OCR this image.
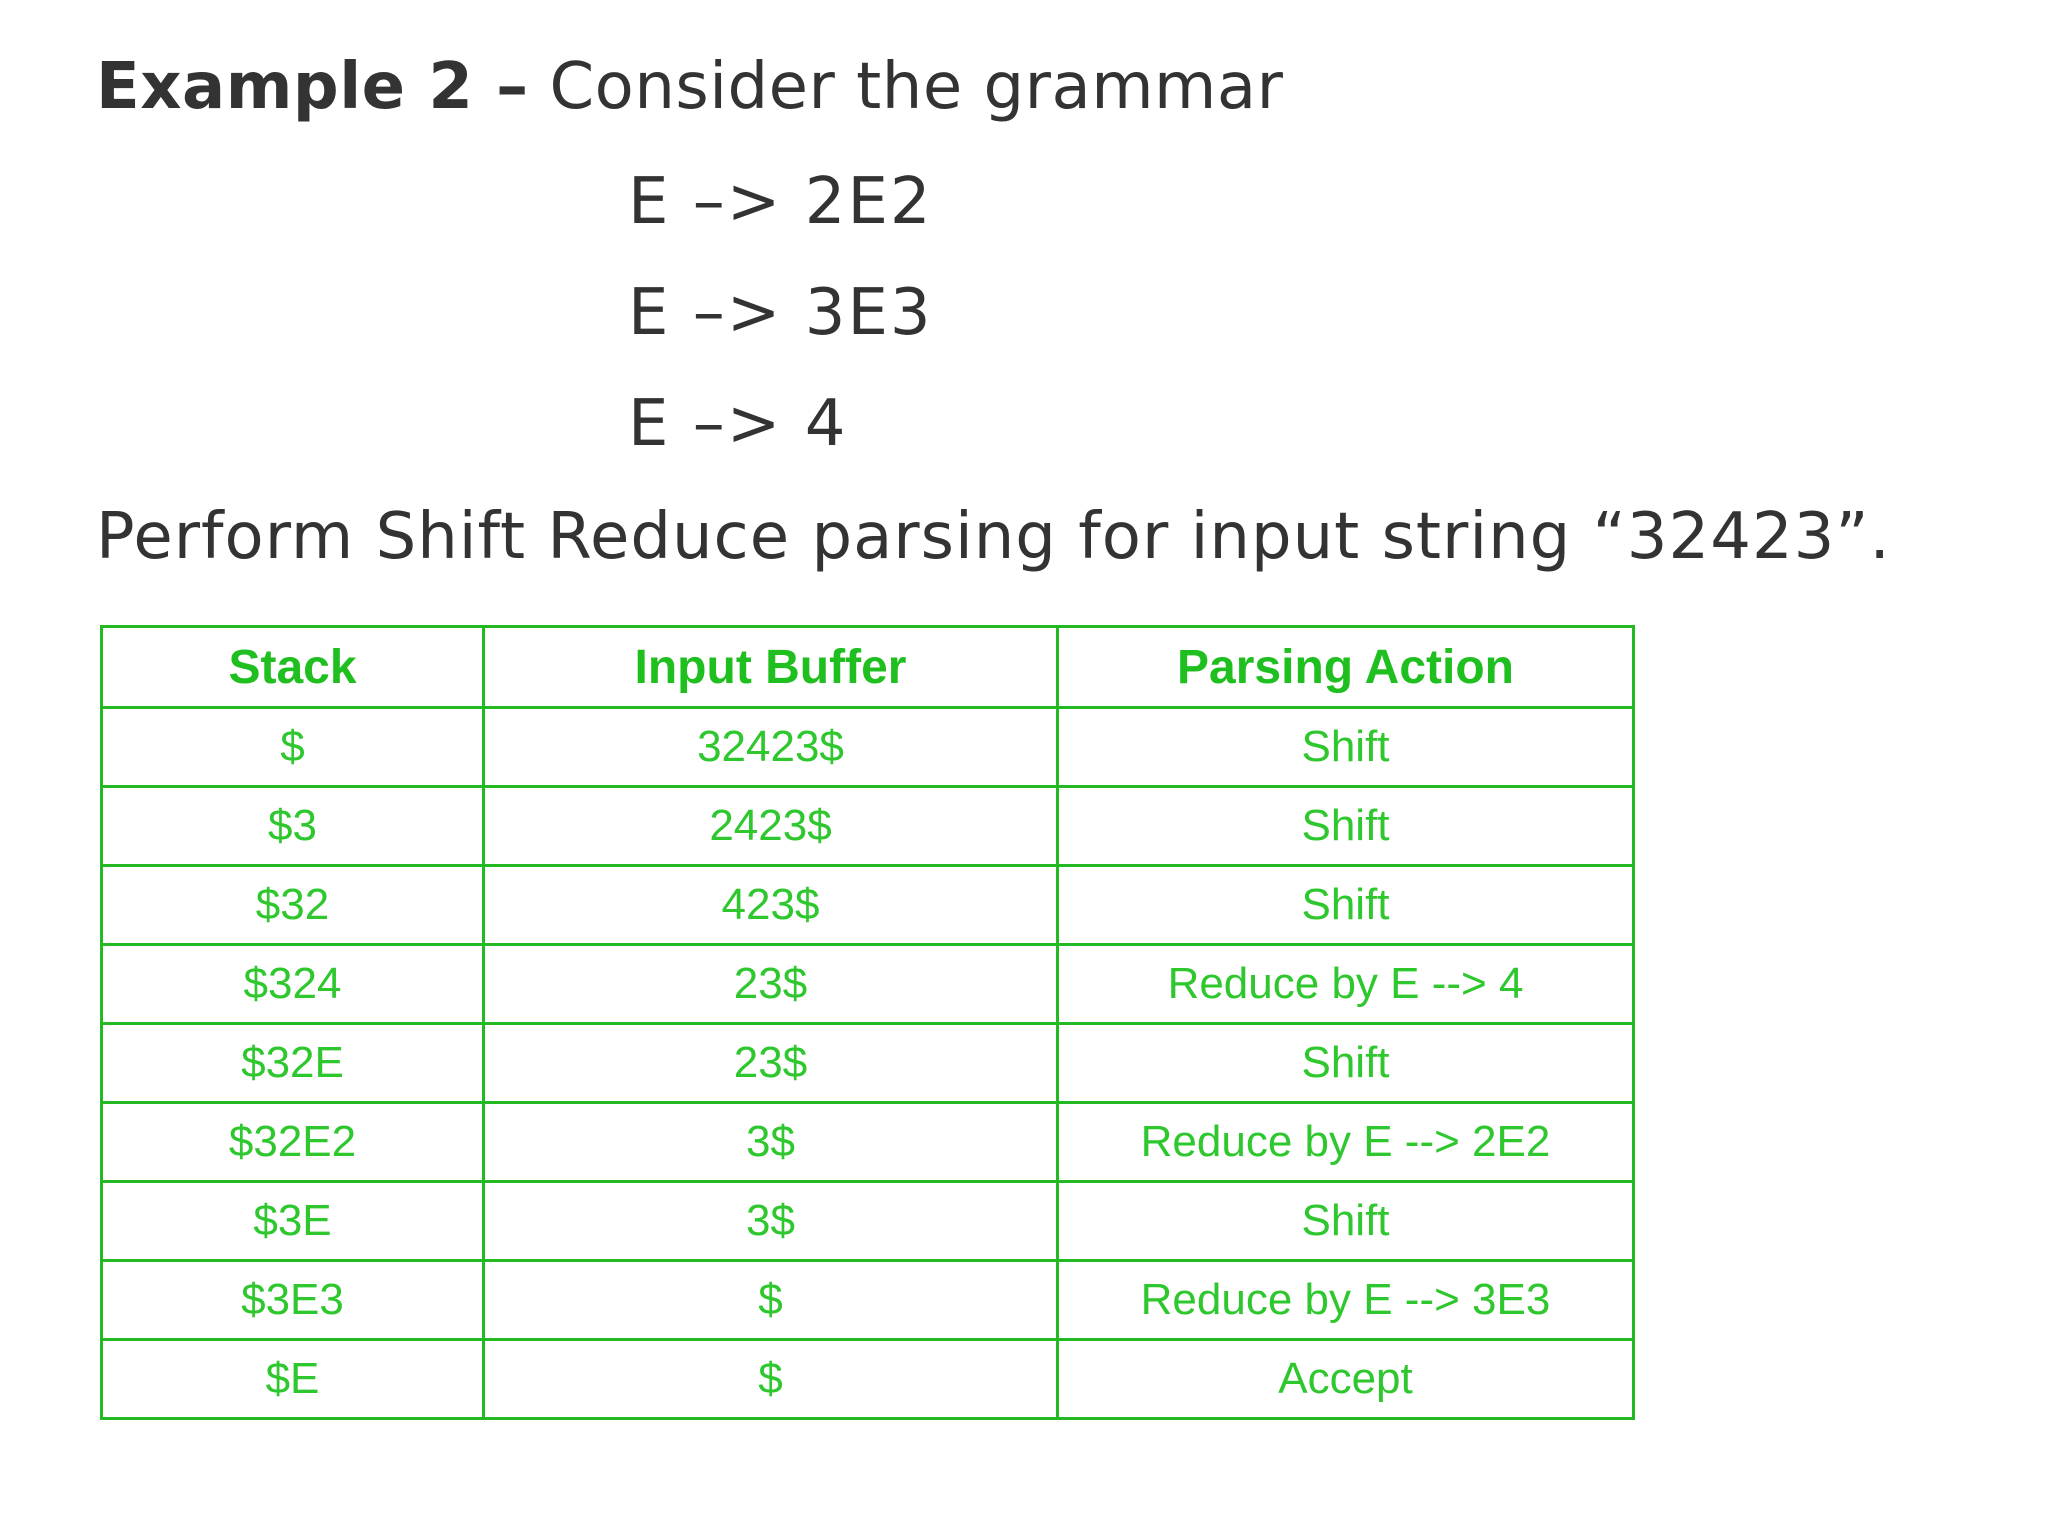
Example 2 – Consider the grammar
E –> 2E2
E –> 3E3
E –> 4
Perform Shift Reduce parsing for input string “32423”.
Stack	Input Buffer	Parsing Action
$	32423$	Shift
$3	2423$	Shift
$32	423$	Shift
$324	23$	Reduce by E --> 4
$32E	23$	Shift
$32E2	3$	Reduce by E --> 2E2
$3E	3$	Shift
$3E3	$	Reduce by E --> 3E3
$E	$	Accept
